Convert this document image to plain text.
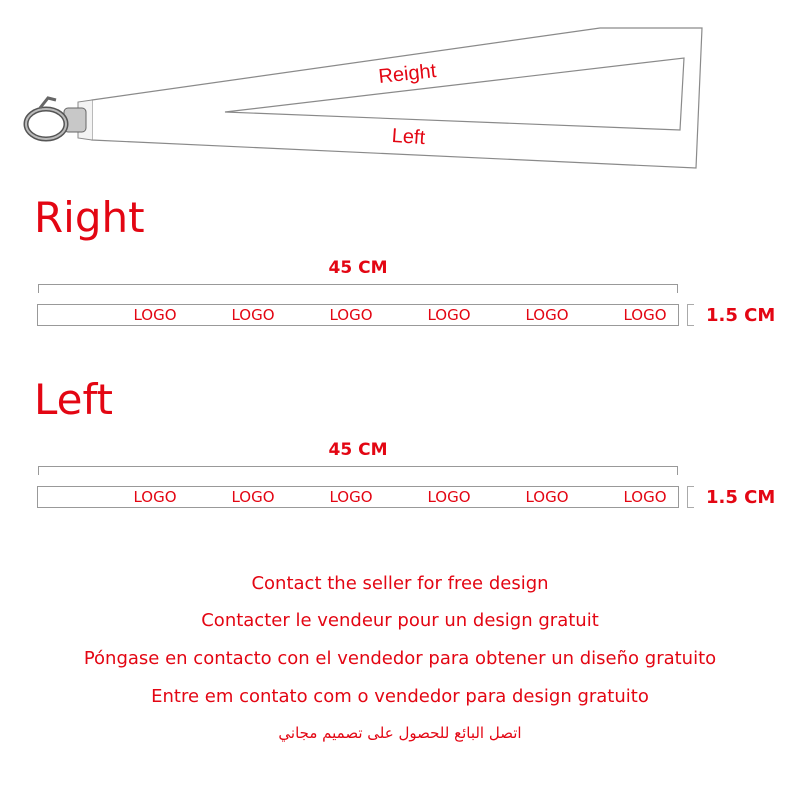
Reight
Left
Right
45 CM
LOGO	LOGO	LOGO	LOGO	LOGO	LOGO	1.5 CM
Left
45 CM
LOGO	LOGO	LOGO	LOGO	LOGO	LOGO	1.5 CM
Contact the seller for free design
Contacter le vendeur pour un design gratuit
Póngase en contacto con el vendedor para obtener un diseño gratuito
Entre em contato com o vendedor para design gratuito
اتصل البائع للحصول على تصميم مجاني
